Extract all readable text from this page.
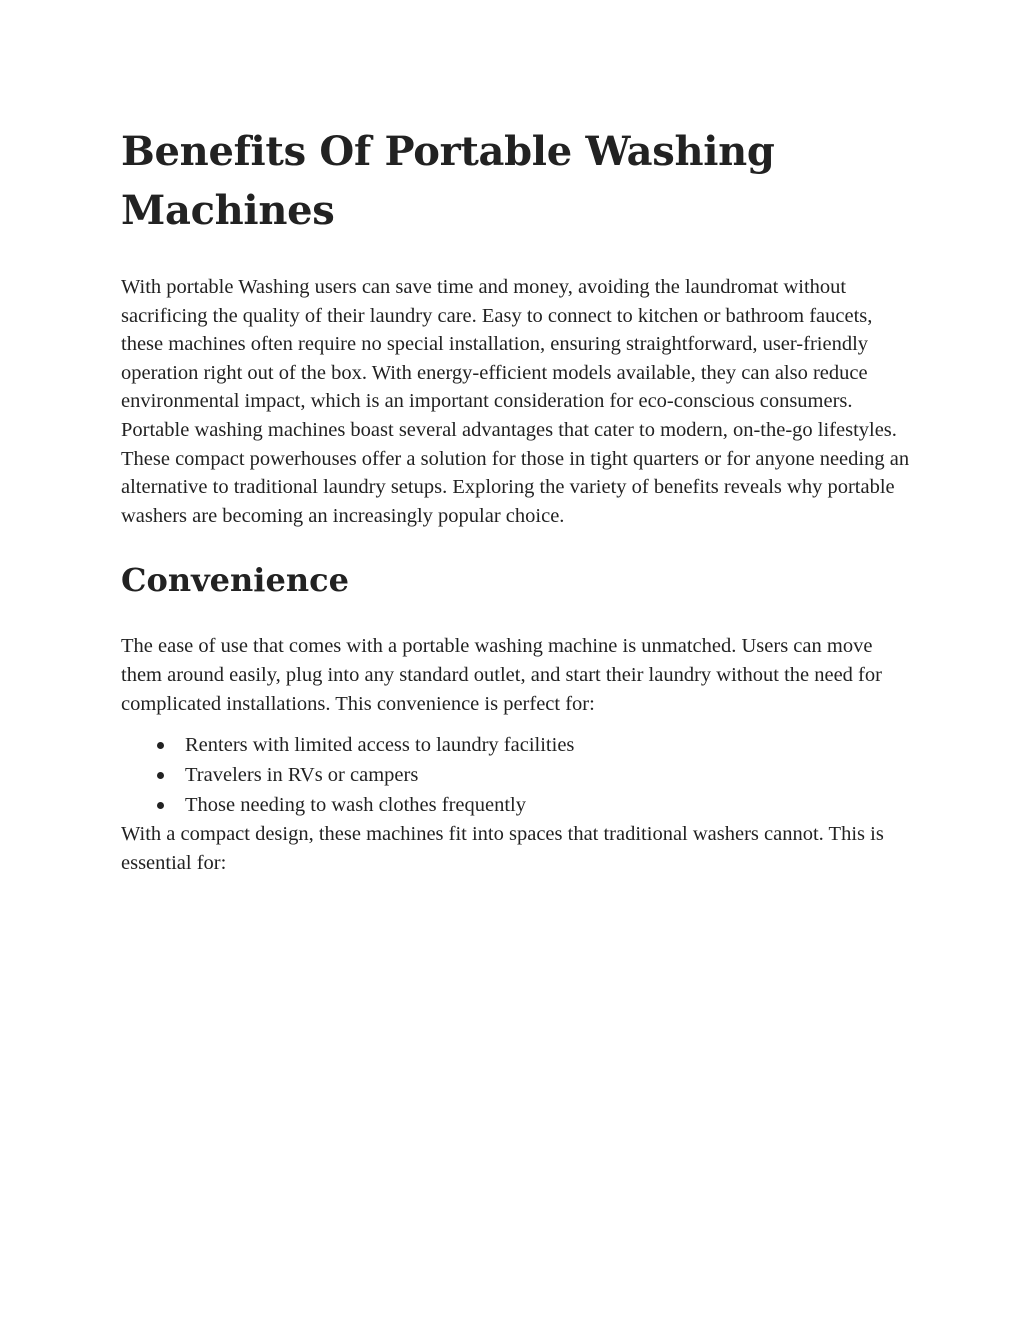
Benefits Of Portable Washing Machines

With portable Washing users can save time and money, avoiding the laundromat without sacrificing the quality of their laundry care. Easy to connect to kitchen or bathroom faucets, these machines often require no special installation, ensuring straightforward, user-friendly operation right out of the box. With energy-efficient models available, they can also reduce environmental impact, which is an important consideration for eco-conscious consumers. Portable washing machines boast several advantages that cater to modern, on-the-go lifestyles. These compact powerhouses offer a solution for those in tight quarters or for anyone needing an alternative to traditional laundry setups. Exploring the variety of benefits reveals why portable washers are becoming an increasingly popular choice.

Convenience

The ease of use that comes with a portable washing machine is unmatched. Users can move them around easily, plug into any standard outlet, and start their laundry without the need for complicated installations. This convenience is perfect for:

Renters with limited access to laundry facilities
Travelers in RVs or campers
Those needing to wash clothes frequently

With a compact design, these machines fit into spaces that traditional washers cannot. This is essential for:
